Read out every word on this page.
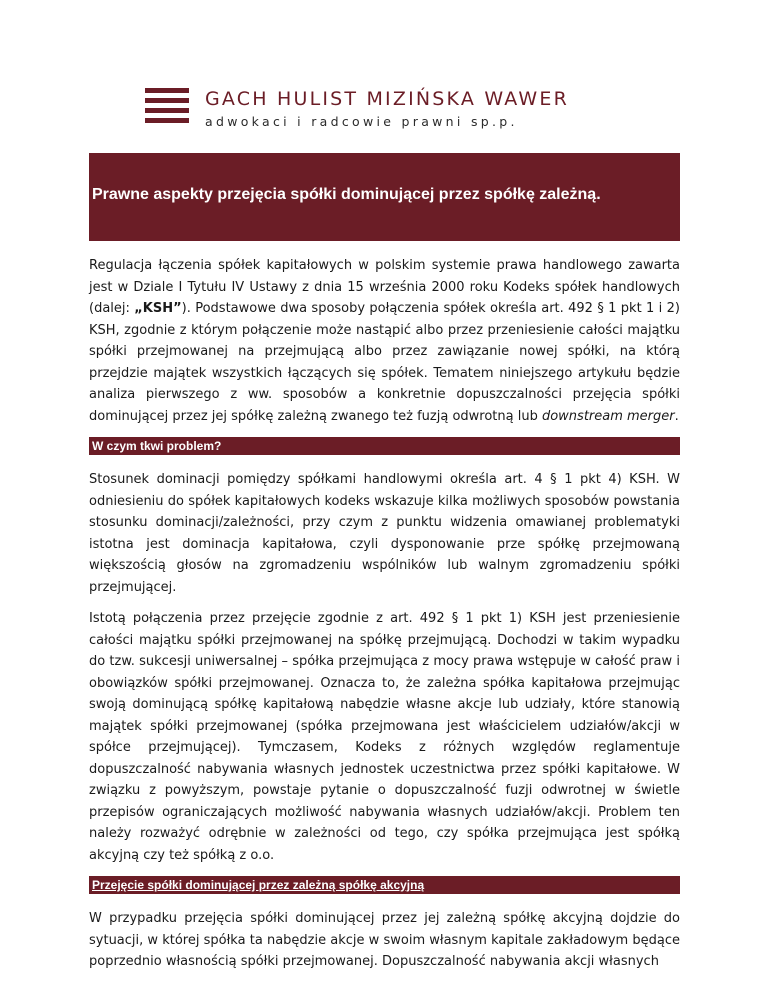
GACH HULIST MIZIŃSKA WAWER
adwokaci i radcowie prawni sp.p.
Prawne aspekty przejęcia spółki dominującej przez spółkę zależną.

Regulacja łączenia spółek kapitałowych w polskim systemie prawa handlowego zawarta jest w Dziale I Tytułu IV Ustawy z dnia 15 września 2000 roku Kodeks spółek handlowych (dalej: „KSH”). Podstawowe dwa sposoby połączenia spółek określa art. 492 § 1 pkt 1 i 2) KSH, zgodnie z którym połączenie może nastąpić albo przez przeniesienie całości majątku spółki przejmowanej na przejmującą albo przez zawiązanie nowej spółki, na którą przejdzie majątek wszystkich łączących się spółek. Tematem niniejszego artykułu będzie analiza pierwszego z ww. sposobów a konkretnie dopuszczalności przejęcia spółki dominującej przez jej spółkę zależną zwanego też fuzją odwrotną lub downstream merger.

W czym tkwi problem?

Stosunek dominacji pomiędzy spółkami handlowymi określa art. 4 § 1 pkt 4) KSH. W odniesieniu do spółek kapitałowych kodeks wskazuje kilka możliwych sposobów powstania stosunku dominacji/zależności, przy czym z punktu widzenia omawianej problematyki istotna jest dominacja kapitałowa, czyli dysponowanie prze spółkę przejmowaną większością głosów na zgromadzeniu wspólników lub walnym zgromadzeniu spółki przejmującej.

Istotą połączenia przez przejęcie zgodnie z art. 492 § 1 pkt 1) KSH jest przeniesienie całości majątku spółki przejmowanej na spółkę przejmującą. Dochodzi w takim wypadku do tzw. sukcesji uniwersalnej – spółka przejmująca z mocy prawa wstępuje w całość praw i obowiązków spółki przejmowanej. Oznacza to, że zależna spółka kapitałowa przejmując swoją dominującą spółkę kapitałową nabędzie własne akcje lub udziały, które stanowią majątek spółki przejmowanej (spółka przejmowana jest właścicielem udziałów/akcji w spółce przejmującej). Tymczasem, Kodeks z różnych względów reglamentuje dopuszczalność nabywania własnych jednostek uczestnictwa przez spółki kapitałowe. W związku z powyższym, powstaje pytanie o dopuszczalność fuzji odwrotnej w świetle przepisów ograniczających możliwość nabywania własnych udziałów/akcji. Problem ten należy rozważyć odrębnie w zależności od tego, czy spółka przejmująca jest spółką akcyjną czy też spółką z o.o.

Przejęcie spółki dominującej przez zależną spółkę akcyjną

W przypadku przejęcia spółki dominującej przez jej zależną spółkę akcyjną dojdzie do sytuacji, w której spółka ta nabędzie akcje w swoim własnym kapitale zakładowym będące poprzednio własnością spółki przejmowanej. Dopuszczalność nabywania akcji własnych
